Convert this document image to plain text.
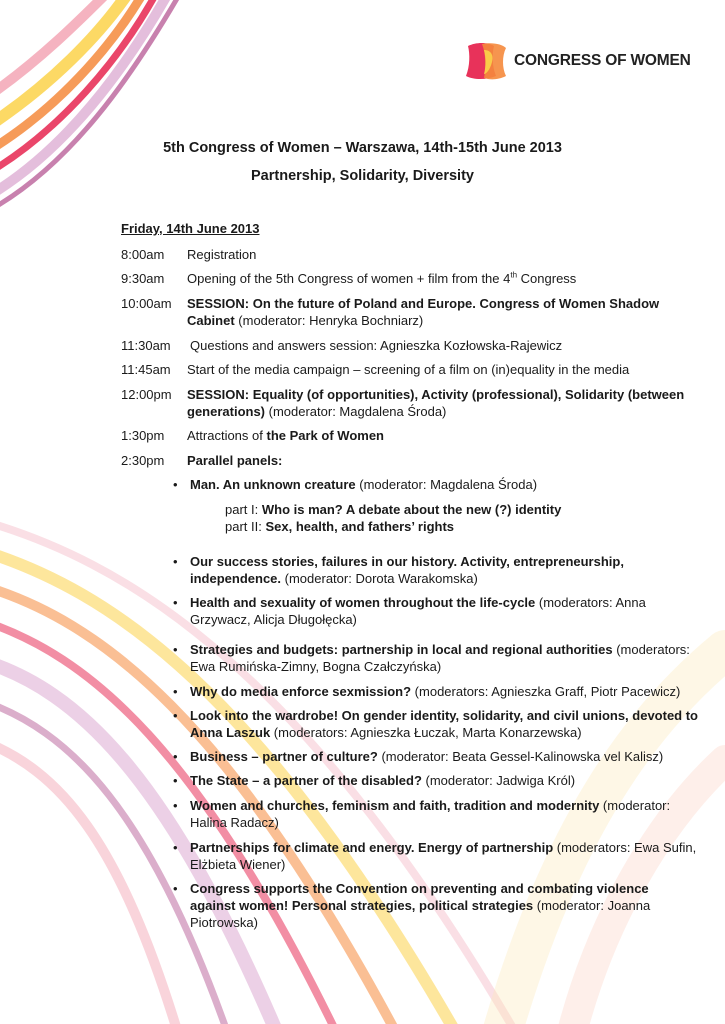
CONGRESS OF WOMEN
5th Congress of Women – Warszawa, 14th-15th June 2013
Partnership, Solidarity, Diversity
Friday, 14th June 2013
8:00am Registration
9:30am Opening of the 5th Congress of women + film from the 4th Congress
10:00am SESSION: On the future of Poland and Europe. Congress of Women Shadow
Cabinet (moderator: Henryka Bochniarz)
11:30am Questions and answers session: Agnieszka Kozłowska-Rajewicz
11:45am Start of the media campaign – screening of a film on (in)equality in the media
12:00pm SESSION: Equality (of opportunities), Activity (professional), Solidarity (between
generations) (moderator: Magdalena Środa)
1:30pm Attractions of the Park of Women
2:30pm Parallel panels:
• Man. An unknown creature (moderator: Magdalena Środa)
part I: Who is man? A debate about the new (?) identity
part II: Sex, health, and fathers’ rights
• Our success stories, failures in our history. Activity, entrepreneurship,
independence. (moderator: Dorota Warakomska)
• Health and sexuality of women throughout the life-cycle (moderators: Anna
Grzywacz, Alicja Długołęcka)
• Strategies and budgets: partnership in local and regional authorities (moderators:
Ewa Rumińska-Zimny, Bogna Czałczyńska)
• Why do media enforce sexmission? (moderators: Agnieszka Graff, Piotr Pacewicz)
• Look into the wardrobe! On gender identity, solidarity, and civil unions, devoted to
Anna Laszuk (moderators: Agnieszka Łuczak, Marta Konarzewska)
• Business – partner of culture? (moderator: Beata Gessel-Kalinowska vel Kalisz)
• The State – a partner of the disabled? (moderator: Jadwiga Król)
• Women and churches, feminism and faith, tradition and modernity (moderator:
Halina Radacz)
• Partnerships for climate and energy. Energy of partnership (moderators: Ewa Sufin,
Elżbieta Wiener)
• Congress supports the Convention on preventing and combating violence
against women! Personal strategies, political strategies (moderator: Joanna
Piotrowska)
